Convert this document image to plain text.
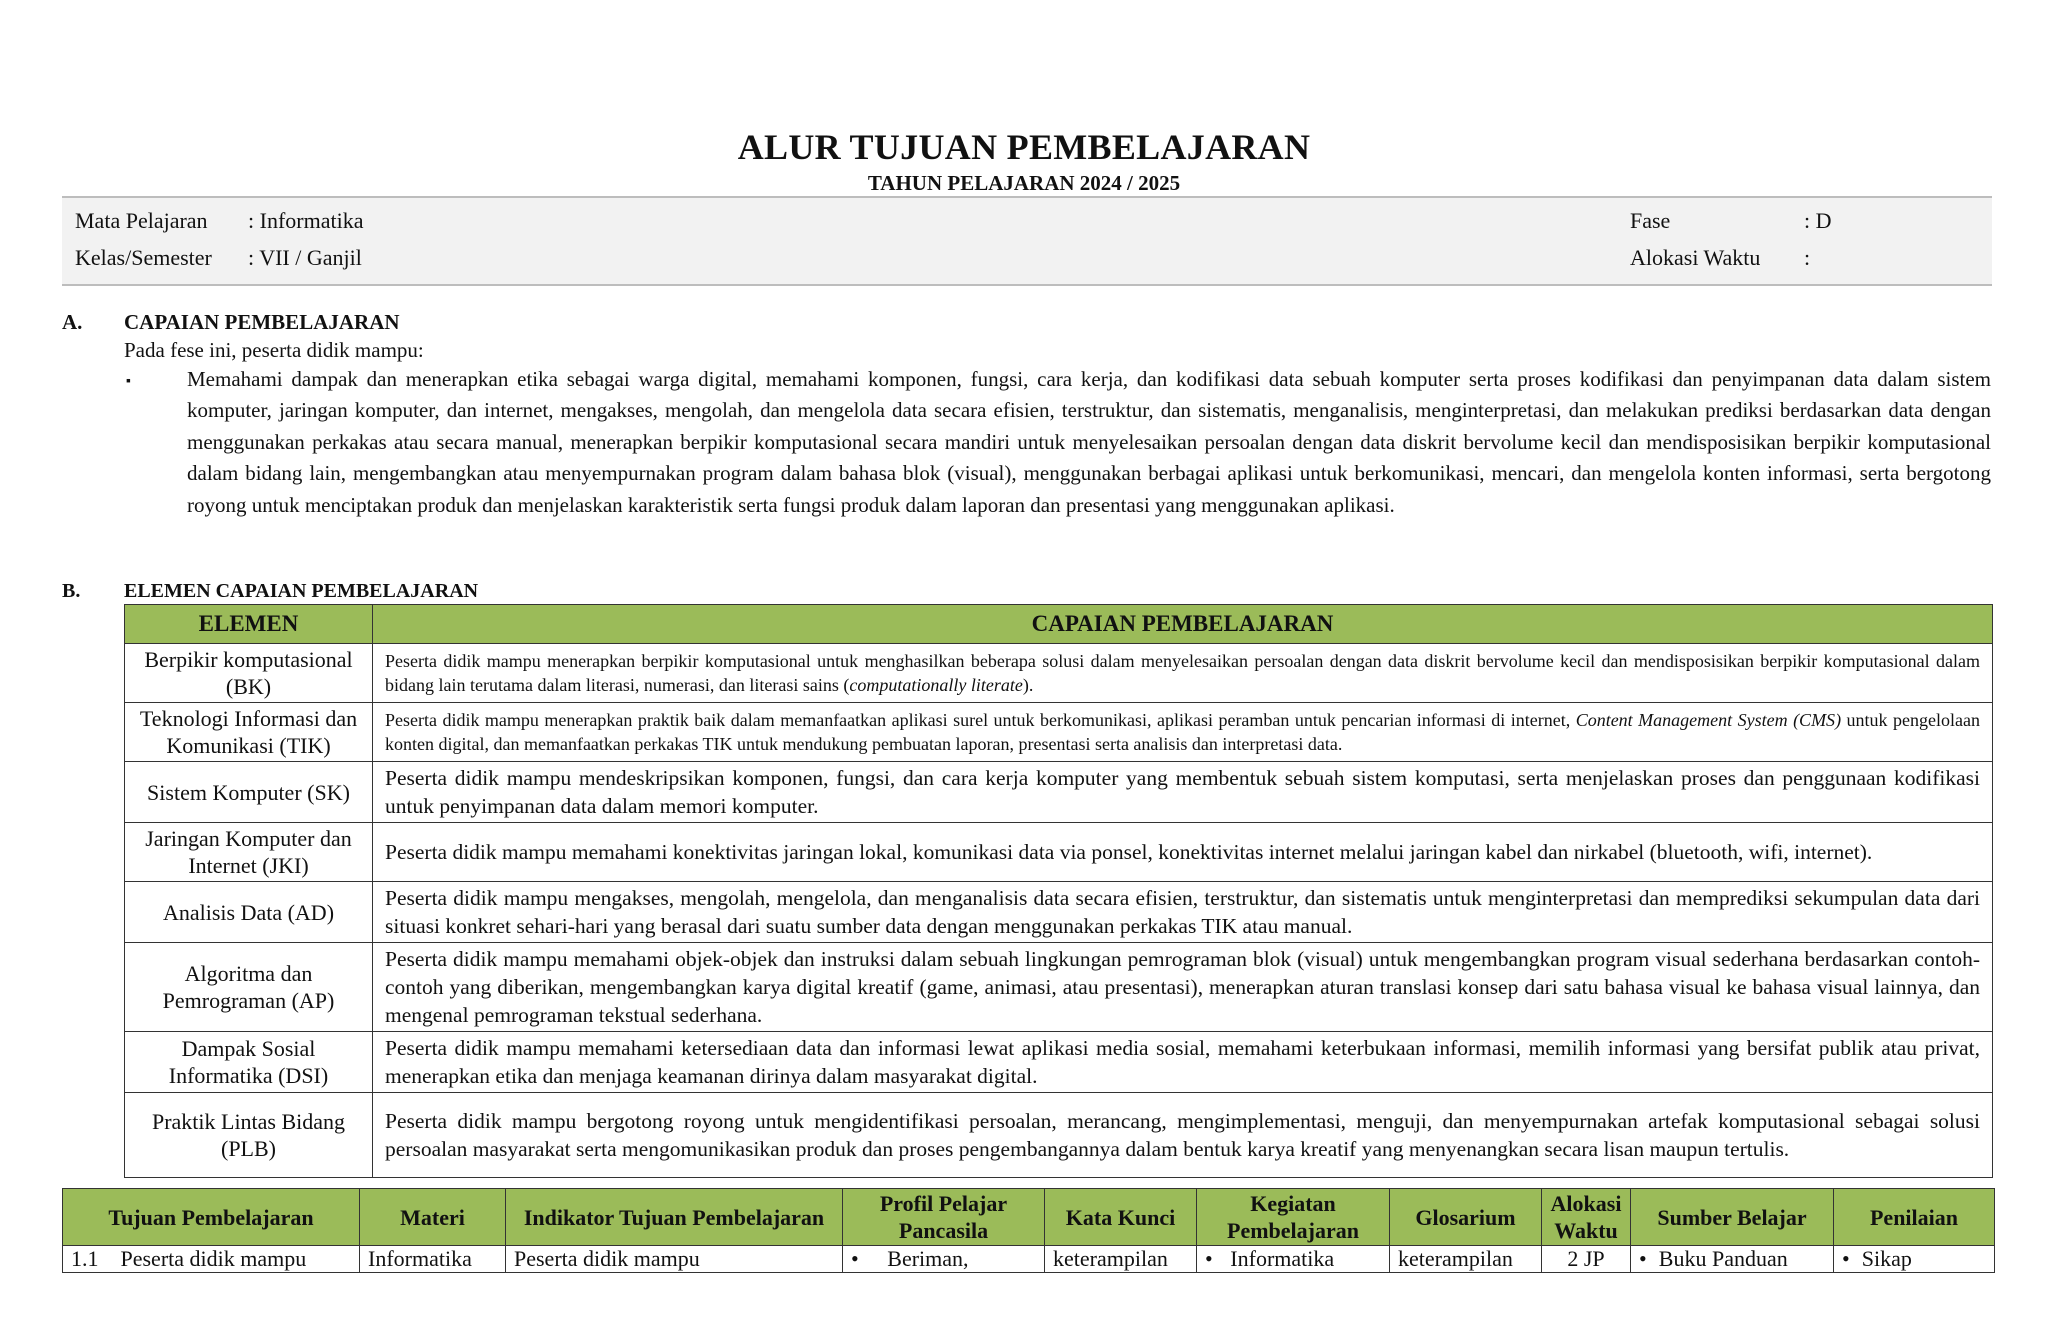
ALUR TUJUAN PEMBELAJARAN
TAHUN PELAJARAN 2024 / 2025
Mata Pelajaran : Informatika
Kelas/Semester : VII / Ganjil
Fase	: D
Alokasi Waktu :
A. CAPAIAN PEMBELAJARAN
Pada fese ini, peserta didik mampu:
▪	Memahami dampak dan menerapkan etika sebagai warga digital, memahami komponen, fungsi, cara kerja, dan kodifikasi data sebuah komputer serta proses kodifikasi dan penyimpanan data dalam sistem komputer, jaringan komputer, dan internet, mengakses, mengolah, dan mengelola data secara efisien, terstruktur, dan sistematis, menganalisis, menginterpretasi, dan melakukan prediksi berdasarkan data dengan menggunakan perkakas atau secara manual, menerapkan berpikir komputasional secara mandiri untuk menyelesaikan persoalan dengan data diskrit bervolume kecil dan mendisposisikan berpikir komputasional dalam bidang lain, mengembangkan atau menyempurnakan program dalam bahasa blok (visual), menggunakan berbagai aplikasi untuk berkomunikasi, mencari, dan mengelola konten informasi, serta bergotong royong untuk menciptakan produk dan menjelaskan karakteristik serta fungsi produk dalam laporan dan presentasi yang menggunakan aplikasi.
B. ELEMEN CAPAIAN PEMBELAJARAN
ELEMEN	CAPAIAN PEMBELAJARAN
Berpikir komputasional (BK)	Peserta didik mampu menerapkan berpikir komputasional untuk menghasilkan beberapa solusi dalam menyelesaikan persoalan dengan data diskrit bervolume kecil dan mendisposisikan berpikir komputasional dalam bidang lain terutama dalam literasi, numerasi, dan literasi sains (computationally literate).
Teknologi Informasi dan Komunikasi (TIK)	Peserta didik mampu menerapkan praktik baik dalam memanfaatkan aplikasi surel untuk berkomunikasi, aplikasi peramban untuk pencarian informasi di internet, Content Management System (CMS) untuk pengelolaan konten digital, dan memanfaatkan perkakas TIK untuk mendukung pembuatan laporan, presentasi serta analisis dan interpretasi data.
Sistem Komputer (SK)	Peserta didik mampu mendeskripsikan komponen, fungsi, dan cara kerja komputer yang membentuk sebuah sistem komputasi, serta menjelaskan proses dan penggunaan kodifikasi untuk penyimpanan data dalam memori komputer.
Jaringan Komputer dan Internet (JKI)	Peserta didik mampu memahami konektivitas jaringan lokal, komunikasi data via ponsel, konektivitas internet melalui jaringan kabel dan nirkabel (bluetooth, wifi, internet).
Analisis Data (AD)	Peserta didik mampu mengakses, mengolah, mengelola, dan menganalisis data secara efisien, terstruktur, dan sistematis untuk menginterpretasi dan memprediksi sekumpulan data dari situasi konkret sehari-hari yang berasal dari suatu sumber data dengan menggunakan perkakas TIK atau manual.
Algoritma dan Pemrograman (AP)	Peserta didik mampu memahami objek-objek dan instruksi dalam sebuah lingkungan pemrograman blok (visual) untuk mengembangkan program visual sederhana berdasarkan contoh-contoh yang diberikan, mengembangkan karya digital kreatif (game, animasi, atau presentasi), menerapkan aturan translasi konsep dari satu bahasa visual ke bahasa visual lainnya, dan mengenal pemrograman tekstual sederhana.
Dampak Sosial Informatika (DSI)	Peserta didik mampu memahami ketersediaan data dan informasi lewat aplikasi media sosial, memahami keterbukaan informasi, memilih informasi yang bersifat publik atau privat, menerapkan etika dan menjaga keamanan dirinya dalam masyarakat digital.
Praktik Lintas Bidang (PLB)	Peserta didik mampu bergotong royong untuk mengidentifikasi persoalan, merancang, mengimplementasi, menguji, dan menyempurnakan artefak komputasional sebagai solusi persoalan masyarakat serta mengomunikasikan produk dan proses pengembangannya dalam bentuk karya kreatif yang menyenangkan secara lisan maupun tertulis.
Tujuan Pembelajaran	Materi	Indikator Tujuan Pembelajaran	Profil Pelajar Pancasila	Kata Kunci	Kegiatan Pembelajaran	Glosarium	Alokasi Waktu	Sumber Belajar	Penilaian
1.1    Peserta didik mampu	Informatika	Peserta didik mampu	• Beriman,	keterampilan	• Informatika	keterampilan	2 JP	• Buku Panduan	• Sikap
